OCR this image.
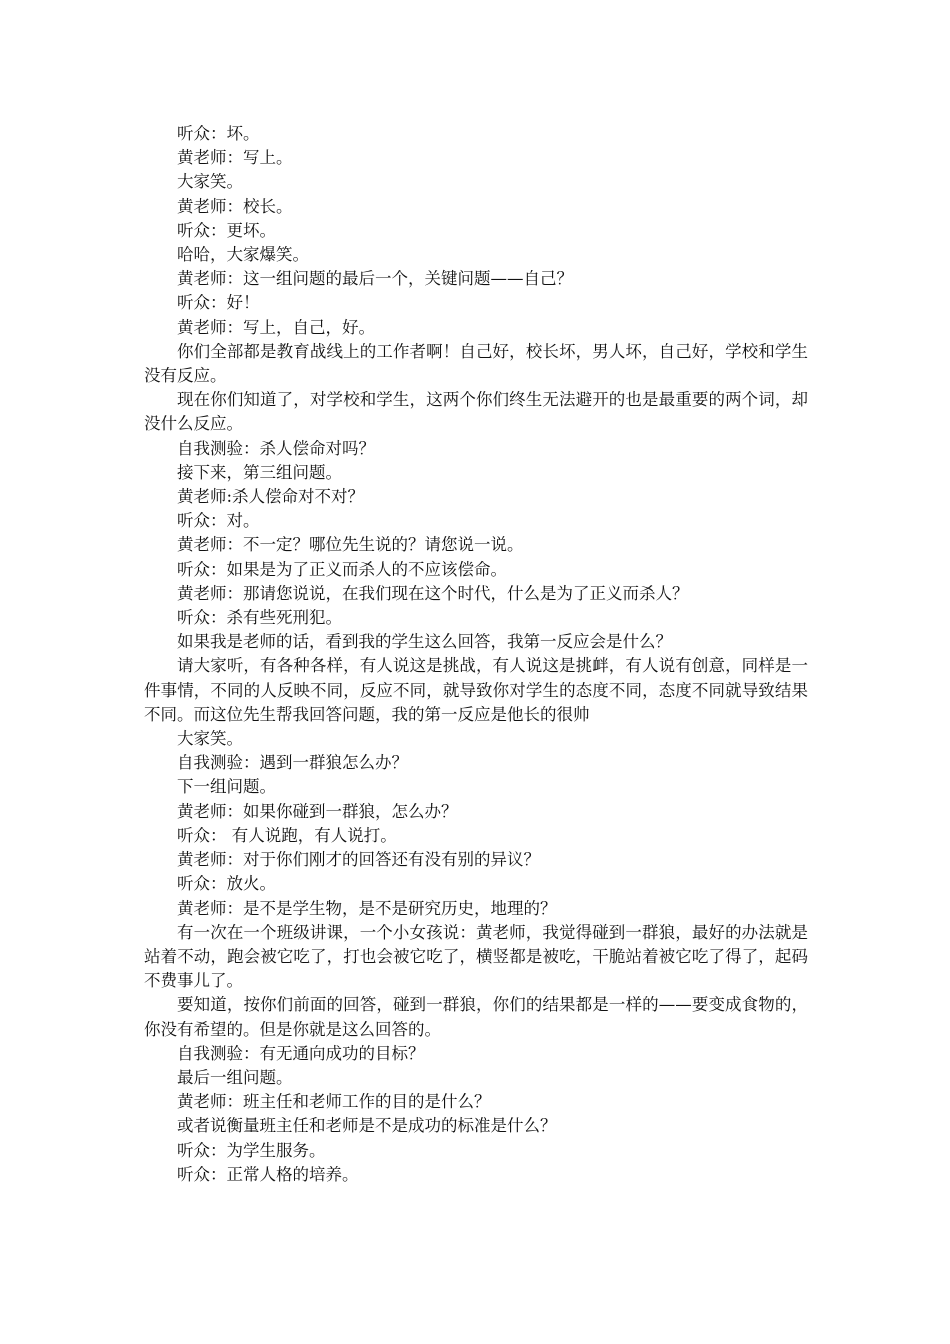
听众：坏。

黄老师：写上。

大家笑。

黄老师：校长。

听众：更坏。

哈哈，大家爆笑。

黄老师：这一组问题的最后一个，关键问题——自己？

听众：好！

黄老师：写上，自己，好。

你们全部都是教育战线上的工作者啊！自己好，校长坏，男人坏，自己好，学校和学生没有反应。

现在你们知道了，对学校和学生，这两个你们终生无法避开的也是最重要的两个词，却没什么反应。

自我测验：杀人偿命对吗？

接下来，第三组问题。

黄老师:杀人偿命对不对？

听众：对。

黄老师：不一定？哪位先生说的？请您说一说。

听众：如果是为了正义而杀人的不应该偿命。

黄老师：那请您说说，在我们现在这个时代，什么是为了正义而杀人？

听众：杀有些死刑犯。

如果我是老师的话，看到我的学生这么回答，我第一反应会是什么？

请大家听，有各种各样，有人说这是挑战，有人说这是挑衅，有人说有创意，同样是一件事情，不同的人反映不同，反应不同，就导致你对学生的态度不同，态度不同就导致结果不同。而这位先生帮我回答问题，我的第一反应是他长的很帅

大家笑。

自我测验：遇到一群狼怎么办？

下一组问题。

黄老师：如果你碰到一群狼，怎么办？

听众： 有人说跑，有人说打。

黄老师：对于你们刚才的回答还有没有别的异议？

听众：放火。

黄老师：是不是学生物，是不是研究历史，地理的？

有一次在一个班级讲课，一个小女孩说：黄老师，我觉得碰到一群狼，最好的办法就是站着不动，跑会被它吃了，打也会被它吃了，横竖都是被吃，干脆站着被它吃了得了，起码不费事儿了。

要知道，按你们前面的回答，碰到一群狼，你们的结果都是一样的——要变成食物的，你没有希望的。但是你就是这么回答的。

自我测验：有无通向成功的目标？

最后一组问题。

黄老师：班主任和老师工作的目的是什么？

或者说衡量班主任和老师是不是成功的标准是什么？

听众：为学生服务。

听众：正常人格的培养。
